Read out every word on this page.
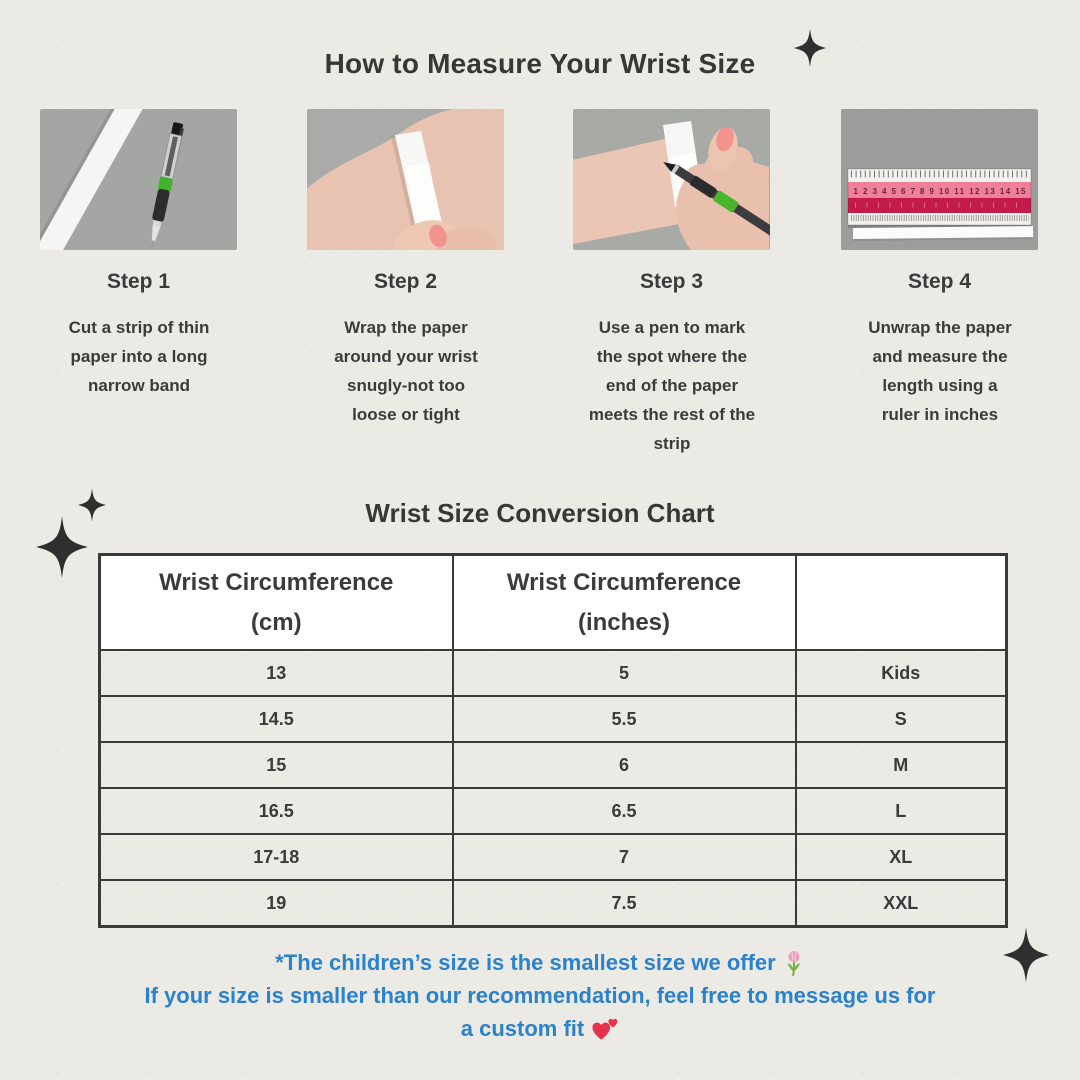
How to Measure Your Wrist Size
1 2 3 4 5 6 7 8 9 10 11 12 13 14 15
Step 1	Step 2	Step 3	Step 4
Cut a strip of thin
paper into a long
narrow band
Wrap the paper
around your wrist
snugly-not too
loose or tight
Use a pen to mark
the spot where the
end of the paper
meets the rest of the
strip
Unwrap the paper
and measure the
length using a
ruler in inches
Wrist Size Conversion Chart
Wrist Circumference
(cm)

Wrist Circumference
(inches)

13	5	Kids
14.5	5.5	S
15	6	M
16.5	6.5	L
17-18	7	XL
19	7.5	XXL
*The children’s size is the smallest size we offer
If your size is smaller than our recommendation, feel free to message us for
a custom fit
